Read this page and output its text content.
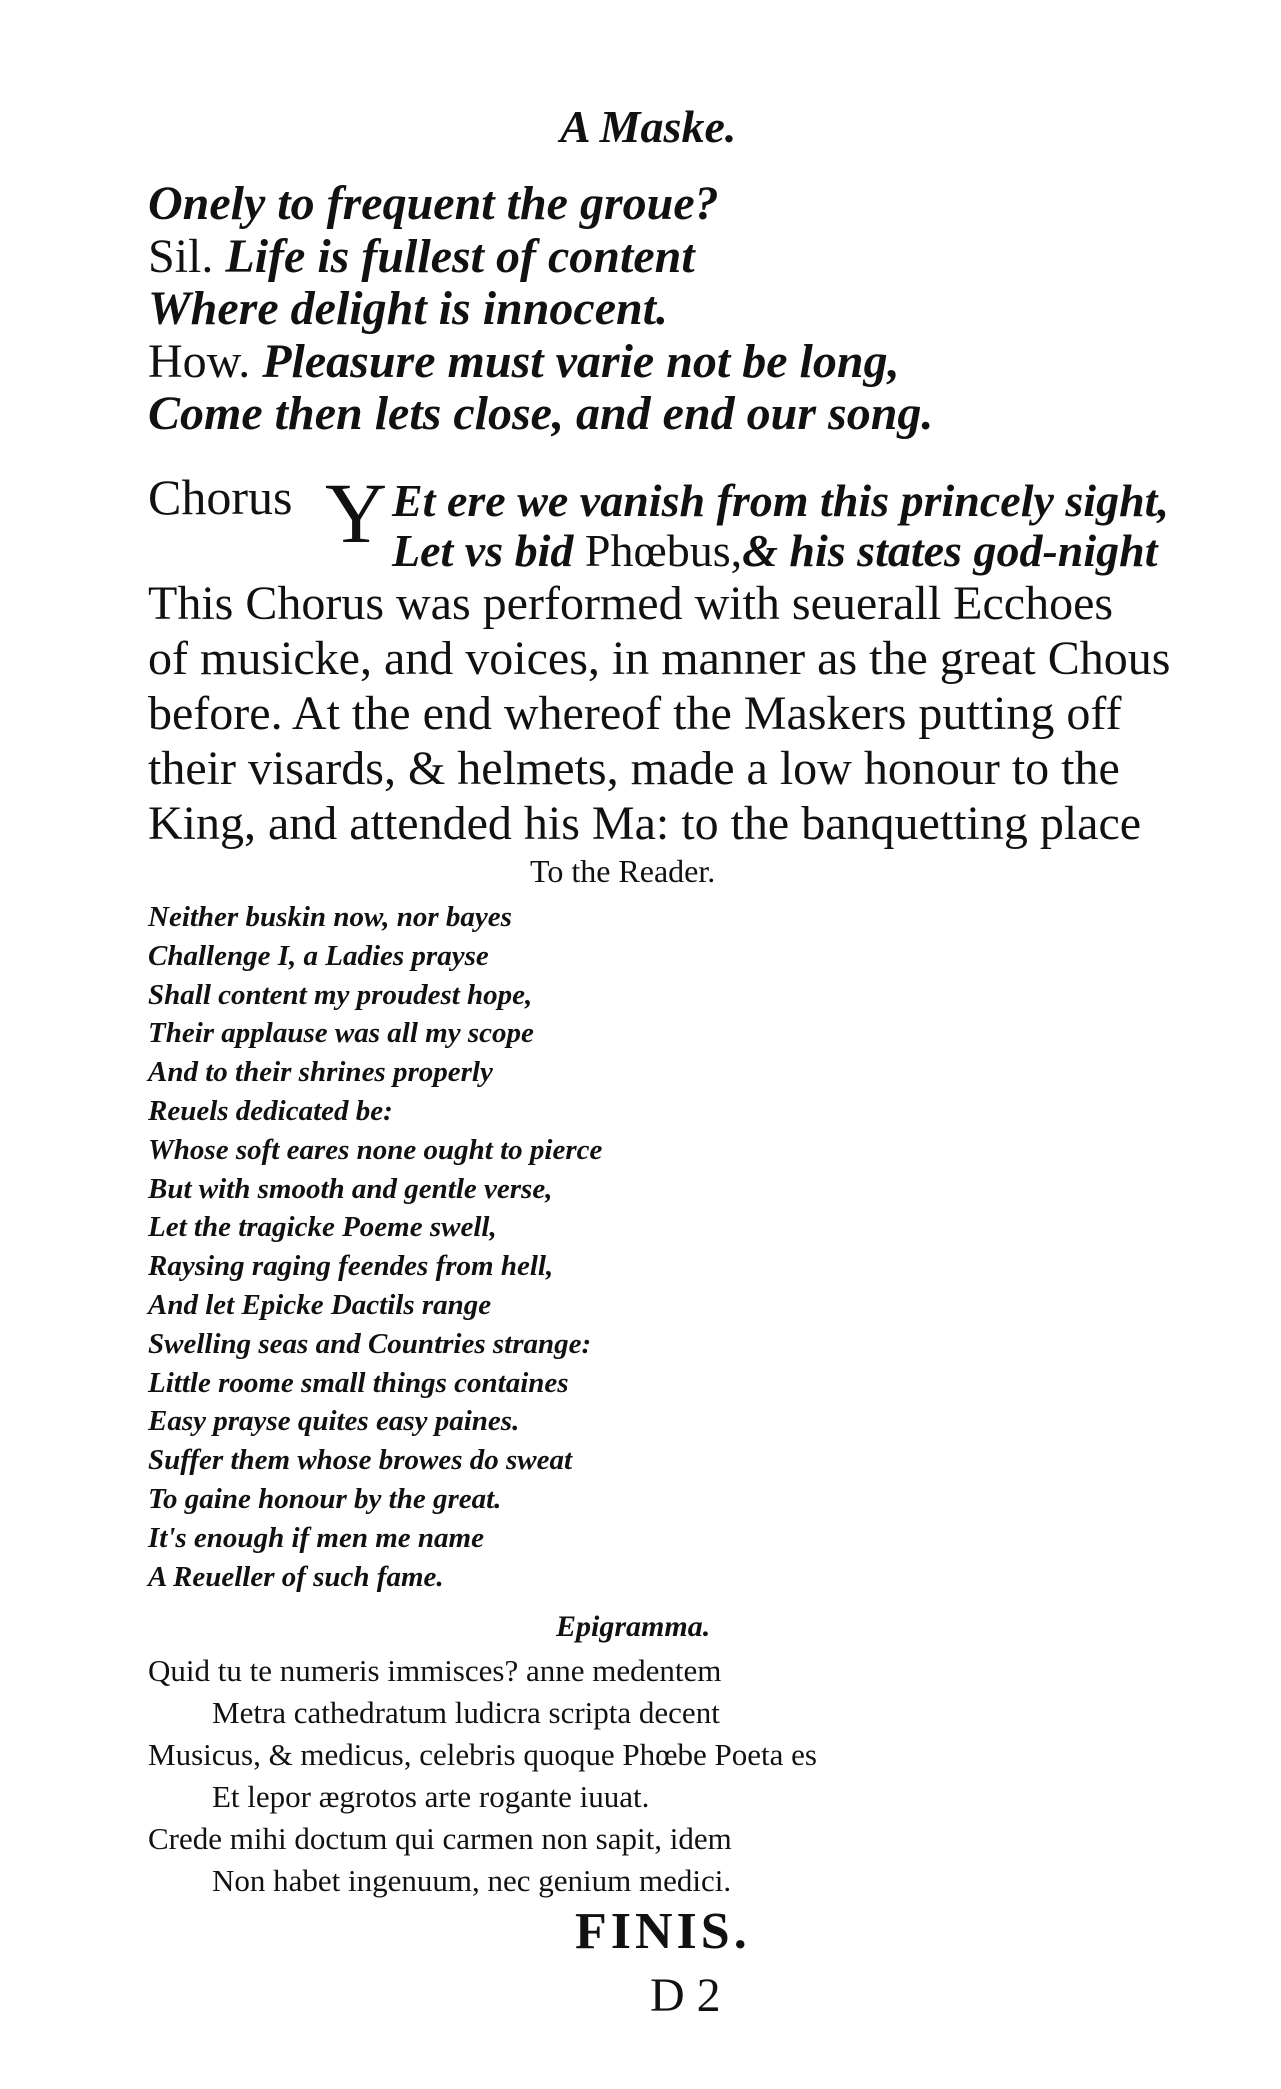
A Maske.
Onely to frequent the groue?
Sil. Life is fullest of content
Where delight is innocent.
How. Pleasure must varie not be long,
Come then lets close, and end our song.
Chorus Y Et ere we vanish from this princely sight,
Let vs bid Phœbus,& his states god-night
This Chorus was performed with seuerall Ecchoes
of musicke, and voices, in manner as the great Chous
before. At the end whereof the Maskers putting off
their visards, & helmets, made a low honour to the
King, and attended his Ma: to the banquetting place
To the Reader.
Neither buskin now, nor bayes
Challenge I, a Ladies prayse
Shall content my proudest hope,
Their applause was all my scope
And to their shrines properly
Reuels dedicated be:
Whose soft eares none ought to pierce
But with smooth and gentle verse,
Let the tragicke Poeme swell,
Raysing raging feendes from hell,
And let Epicke Dactils range
Swelling seas and Countries strange:
Little roome small things containes
Easy prayse quites easy paines.
Suffer them whose browes do sweat
To gaine honour by the great.
It's enough if men me name
A Reueller of such fame.
Epigramma.
Quid tu te numeris immisces? anne medentem
Metra cathedratum ludicra scripta decent
Musicus, & medicus, celebris quoque Phœbe Poeta es
Et lepor ægrotos arte rogante iuuat.
Crede mihi doctum qui carmen non sapit, idem
Non habet ingenuum, nec genium medici.
FINIS.
D 2
